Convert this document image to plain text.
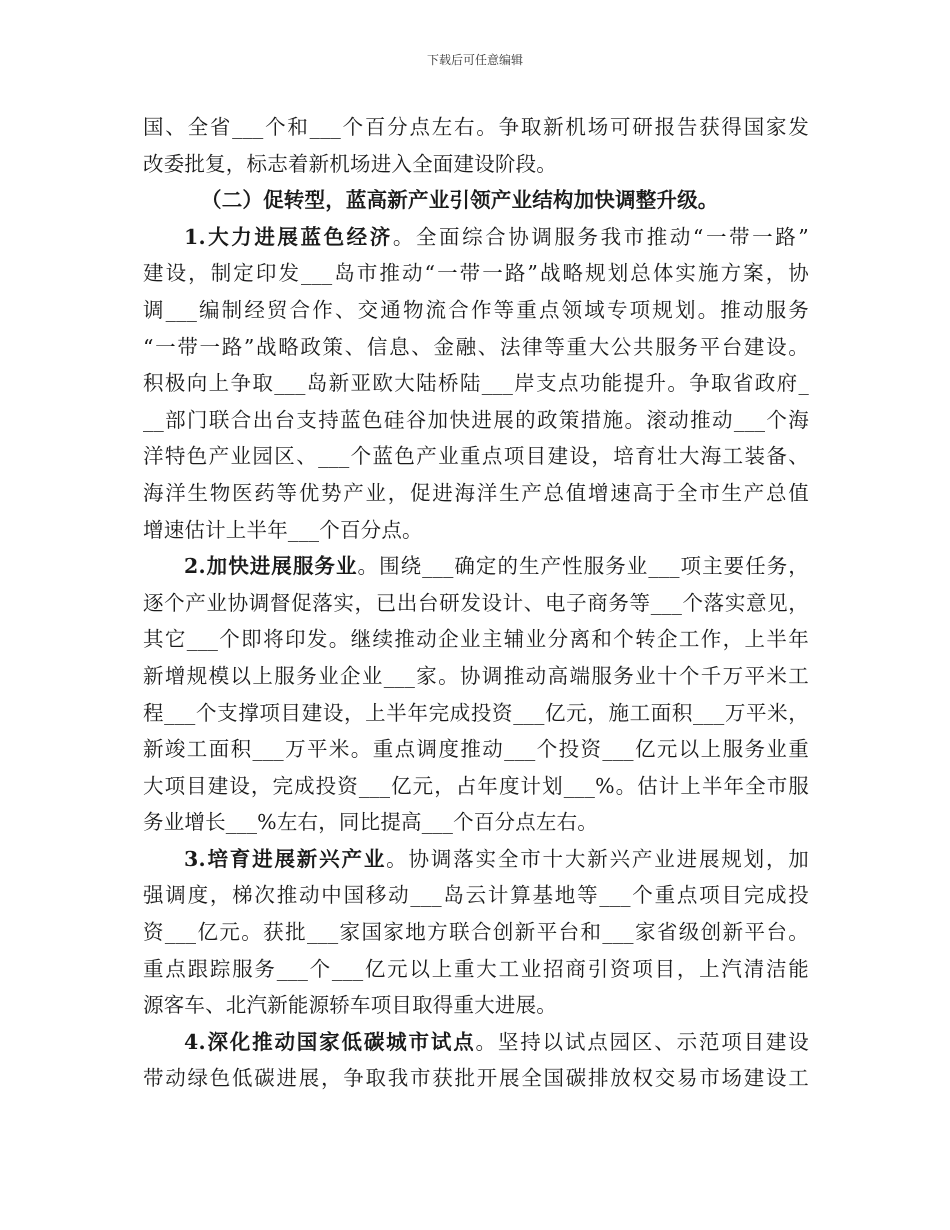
下载后可任意编辑
国、全省___个和___个百分点左右。争取新机场可研报告获得国家发
改委批复，标志着新机场进入全面建设阶段。
（二）促转型，蓝高新产业引领产业结构加快调整升级。
1.大力进展蓝色经济。全面综合协调服务我市推动“一带一路”
建设，制定印发___岛市推动“一带一路”战略规划总体实施方案，协
调___编制经贸合作、交通物流合作等重点领域专项规划。推动服务
“一带一路”战略政策、信息、金融、法律等重大公共服务平台建设。
积极向上争取___岛新亚欧大陆桥陆___岸支点功能提升。争取省政府_
__部门联合出台支持蓝色硅谷加快进展的政策措施。滚动推动___个海
洋特色产业园区、___个蓝色产业重点项目建设，培育壮大海工装备、
海洋生物医药等优势产业，促进海洋生产总值增速高于全市生产总值
增速估计上半年___个百分点。
2.加快进展服务业。围绕___确定的生产性服务业___项主要任务，
逐个产业协调督促落实，已出台研发设计、电子商务等___个落实意见，
其它___个即将印发。继续推动企业主辅业分离和个转企工作，上半年
新增规模以上服务业企业___家。协调推动高端服务业十个千万平米工
程___个支撑项目建设，上半年完成投资___亿元，施工面积___万平米，
新竣工面积___万平米。重点调度推动___个投资___亿元以上服务业重
大项目建设，完成投资___亿元，占年度计划___%。估计上半年全市服
务业增长___%左右，同比提高___个百分点左右。
3.培育进展新兴产业。协调落实全市十大新兴产业进展规划，加
强调度，梯次推动中国移动___岛云计算基地等___个重点项目完成投
资___亿元。获批___家国家地方联合创新平台和___家省级创新平台。
重点跟踪服务___个___亿元以上重大工业招商引资项目，上汽清洁能
源客车、北汽新能源轿车项目取得重大进展。
4.深化推动国家低碳城市试点。坚持以试点园区、示范项目建设
带动绿色低碳进展，争取我市获批开展全国碳排放权交易市场建设工
